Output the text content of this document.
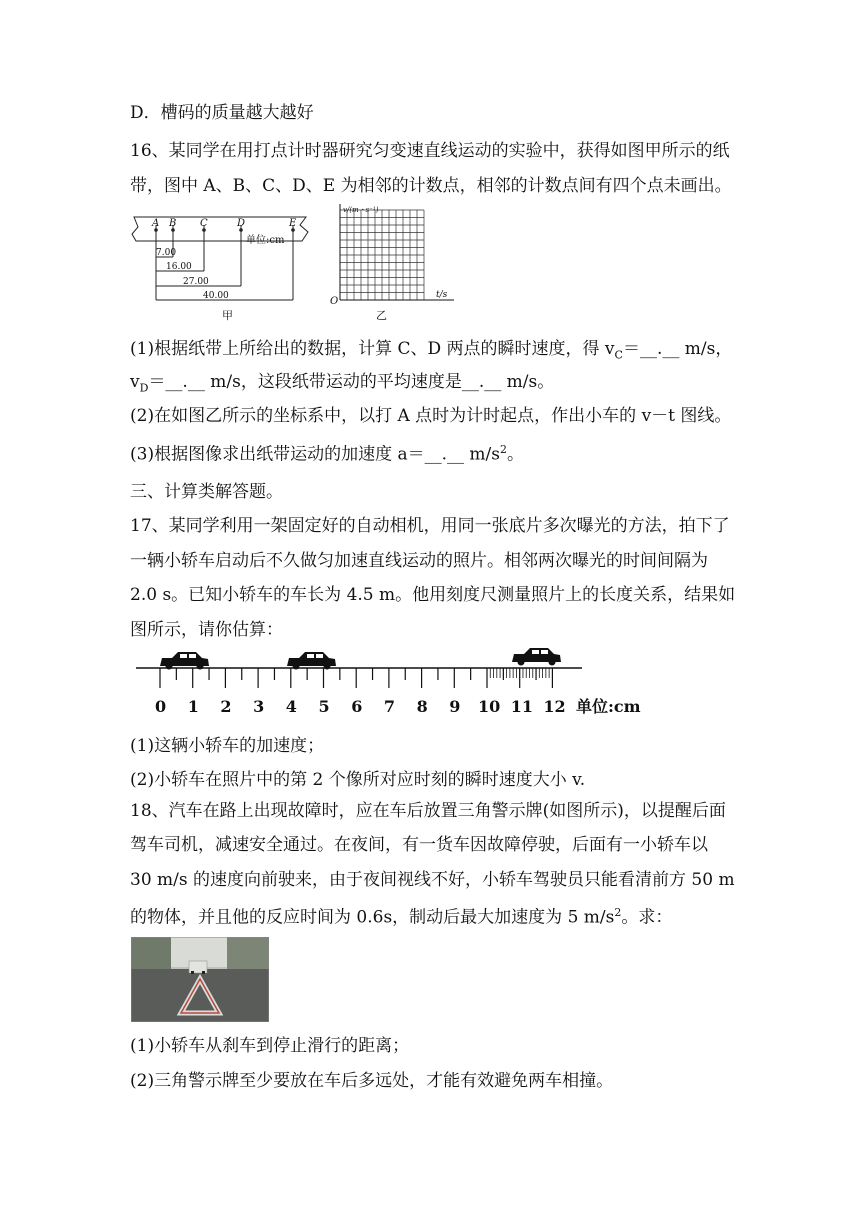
D．槽码的质量越大越好
16、某同学在用打点计时器研究匀变速直线运动的实验中，获得如图甲所示的纸
带，图中 A、B、C、D、E 为相邻的计数点，相邻的计数点间有四个点未画出。
A B C	D	E
单位:cm
7.00
16.00
27.00
40.00
甲
v/(m・s⁻¹)
t/s
O
乙
(1)根据纸带上所给出的数据，计算 C、D 两点的瞬时速度，得 $v_C=\_\_.\_\_$ m/s，
$v_D=\_\_.\_\_$ m/s，这段纸带运动的平均速度是__.__ m/s。
(2)在如图乙所示的坐标系中，以打 A 点时为计时起点，作出小车的 v－t 图线。
(3)根据图像求出纸带运动的加速度 a＝__.__ $m/s^2$。
三、计算类解答题。
17、某同学利用一架固定好的自动相机，用同一张底片多次曝光的方法，拍下了
一辆小轿车启动后不久做匀加速直线运动的照片。相邻两次曝光的时间间隔为
2.0 s。已知小轿车的车长为 4.5 m。他用刻度尺测量照片上的长度关系，结果如
图所示，请你估算：
0 1 2 3 4 5 6 7 8 9 10 11 12 单位:cm
(1)这辆小轿车的加速度；
(2)小轿车在照片中的第 2 个像所对应时刻的瞬时速度大小 v.
18、汽车在路上出现故障时，应在车后放置三角警示牌(如图所示)，以提醒后面
驾车司机，减速安全通过。在夜间，有一货车因故障停驶，后面有一小轿车以
30 m/s 的速度向前驶来，由于夜间视线不好，小轿车驾驶员只能看清前方 50 m
的物体，并且他的反应时间为 0.6s，制动后最大加速度为 5 $m/s^2$。求：
(1)小轿车从刹车到停止滑行的距离；
(2)三角警示牌至少要放在车后多远处，才能有效避免两车相撞。
